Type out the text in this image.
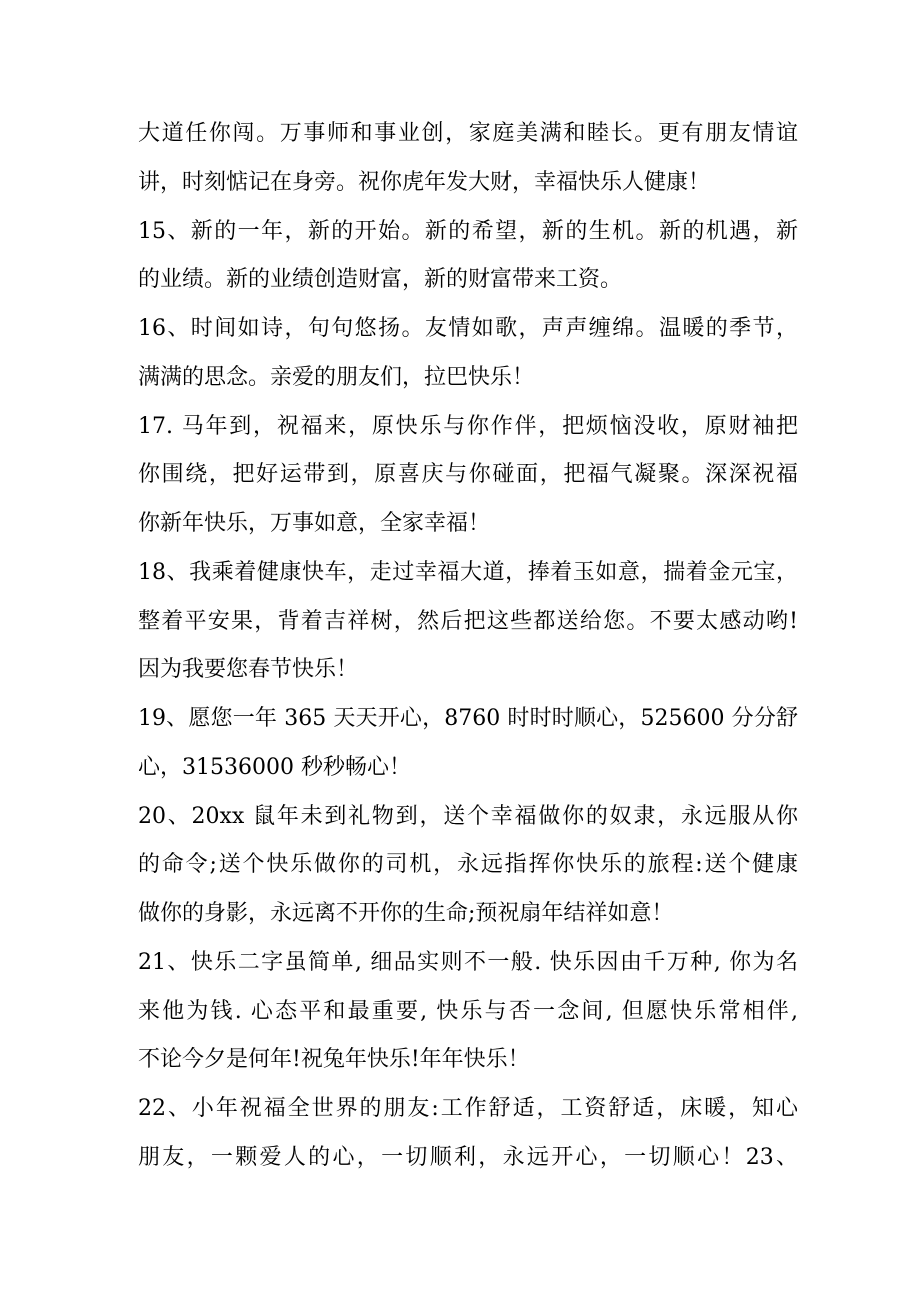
大道任你闯。万事师和事业创，家庭美满和睦长。更有朋友情谊
讲，时刻惦记在身旁。祝你虎年发大财，幸福快乐人健康！
15、新的一年，新的开始。新的希望，新的生机。新的机遇，新
的业绩。新的业绩创造财富，新的财富带来工资。
16、时间如诗，句句悠扬。友情如歌，声声缠绵。温暖的季节，
满满的思念。亲爱的朋友们，拉巴快乐！
17. 马年到，祝福来，原快乐与你作伴，把烦恼没收，原财袖把
你围绕，把好运带到，原喜庆与你碰面，把福气凝聚。深深祝福
你新年快乐，万事如意，全家幸福！
18、我乘着健康快车，走过幸福大道，捧着玉如意，揣着金元宝，
整着平安果，背着吉祥树，然后把这些都送给您。不要太感动哟!
因为我要您春节快乐！
19、愿您一年 365 天天开心，8760 时时时顺心，525600 分分舒
心，31536000 秒秒畅心！
20、20xx 鼠年未到礼物到，送个幸福做你的奴隶，永远服从你
的命令;送个快乐做你的司机，永远指挥你快乐的旅程:送个健康
做你的身影，永远离不开你的生命;预祝扇年结祥如意！
21、快乐二字虽简单, 细品实则不一般. 快乐因由千万种, 你为名
来他为钱. 心态平和最重要, 快乐与否一念间, 但愿快乐常相伴,
不论今夕是何年!祝兔年快乐!年年快乐！
22、小年祝福全世界的朋友:工作舒适，工资舒适，床暖，知心
朋友，一颗爱人的心，一切顺利，永远开心，一切顺心！23、
